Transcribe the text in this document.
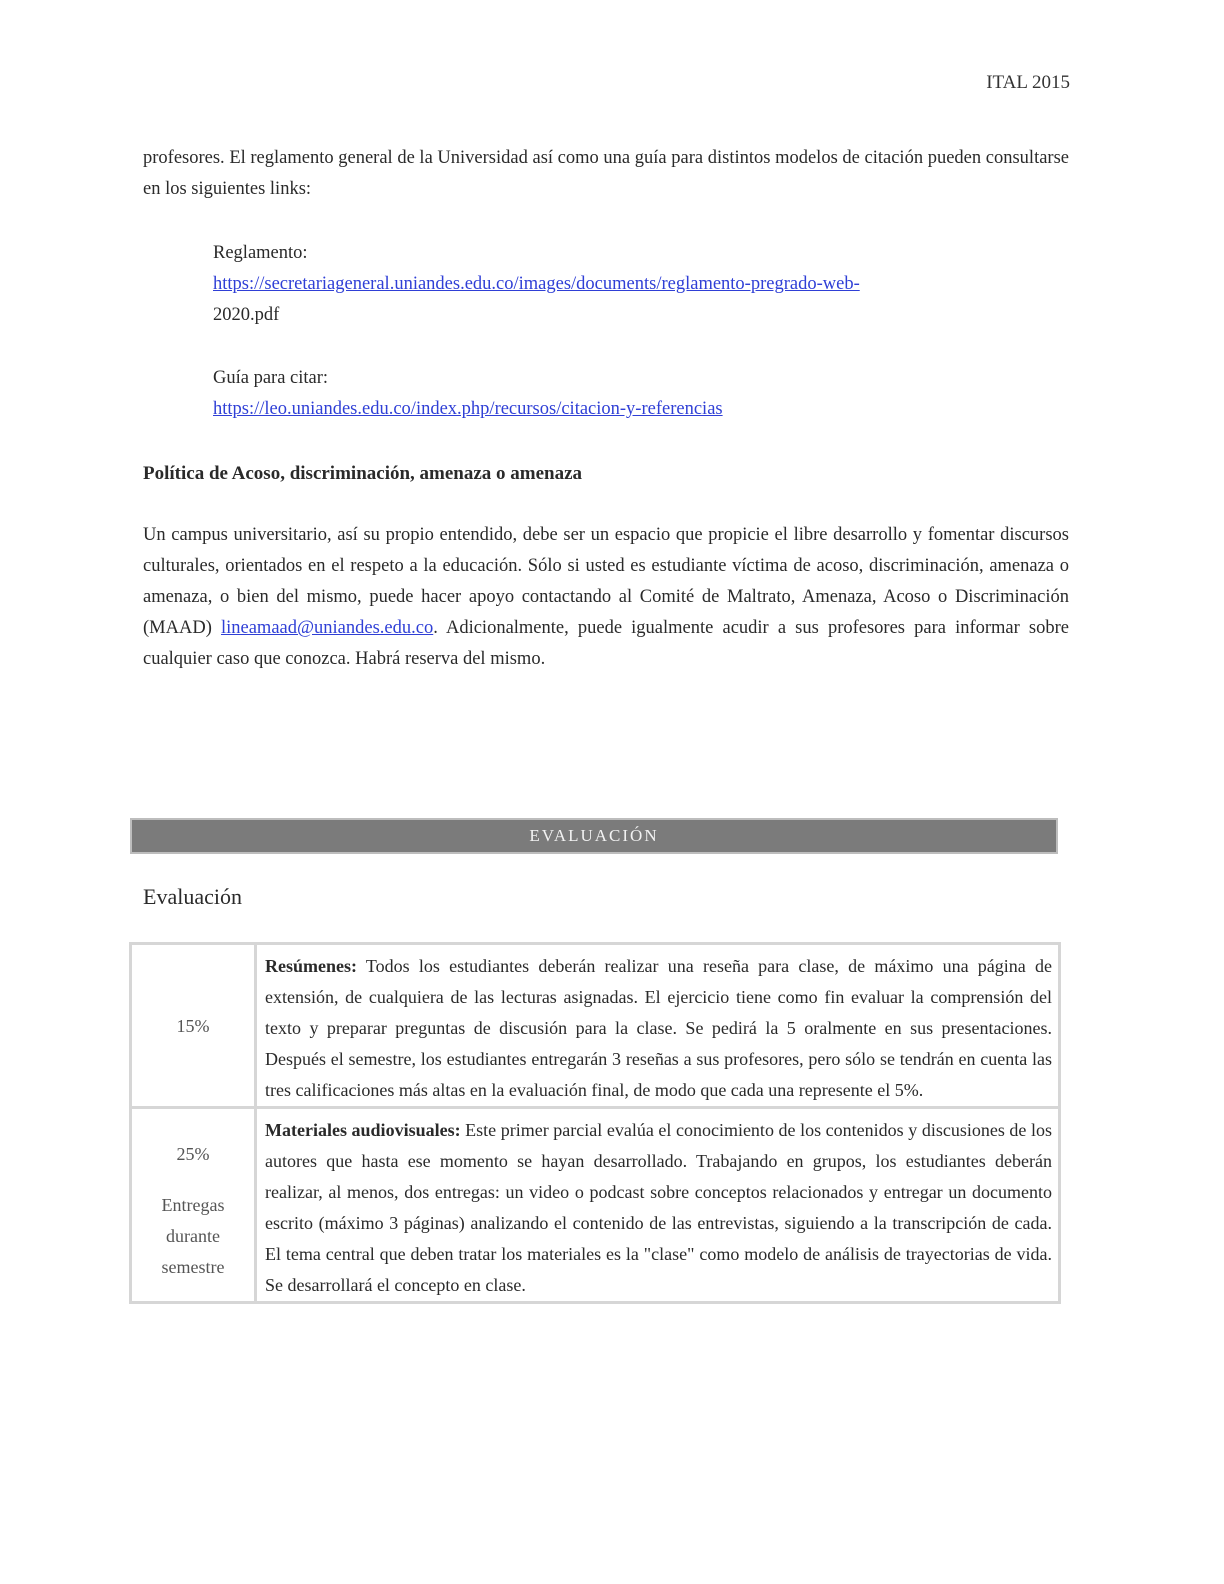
ITAL 2015
profesores. El reglamento general de la Universidad así como una guía para distintos modelos de citación pueden consultarse en los siguientes links:
Reglamento:
https://secretariageneral.uniandes.edu.co/images/documents/reglamento-pregrado-web-
2020.pdf
Guía para citar:
https://leo.uniandes.edu.co/index.php/recursos/citacion-y-referencias
Política de Acoso, discriminación, amenaza o amenaza
Un campus universitario, así su propio entendido, debe ser un espacio que propicie el libre desarrollo y fomentar discursos culturales, orientados en el respeto a la educación. Sólo si usted es estudiante víctima de acoso, discriminación, amenaza o amenaza, o bien del mismo, puede hacer apoyo contactando al Comité de Maltrato, Amenaza, Acoso o Discriminación (MAAD) lineamaad@uniandes.edu.co. Adicionalmente, puede igualmente acudir a sus profesores para informar sobre cualquier caso que conozca. Habrá reserva del mismo.
EVALUACIÓN
Evaluación
15%	Resúmenes: Todos los estudiantes deberán realizar una reseña para clase, de máximo una página de extensión, de cualquiera de las lecturas asignadas. El ejercicio tiene como fin evaluar la comprensión del texto y preparar preguntas de discusión para la clase. Se pedirá la 5 oralmente en sus presentaciones. Después el semestre, los estudiantes entregarán 3 reseñas a sus profesores, pero sólo se tendrán en cuenta las tres calificaciones más altas en la evaluación final, de modo que cada una represente el 5%.

25%
Entregas durante semestre	Materiales audiovisuales: Este primer parcial evalúa el conocimiento de los contenidos y discusiones de los autores que hasta ese momento se hayan desarrollado. Trabajando en grupos, los estudiantes deberán realizar, al menos, dos entregas: un video o podcast sobre conceptos relacionados y entregar un documento escrito (máximo 3 páginas) analizando el contenido de las entrevistas, siguiendo a la transcripción de cada. El tema central que deben tratar los materiales es la "clase" como modelo de análisis de trayectorias de vida. Se desarrollará el concepto en clase.
